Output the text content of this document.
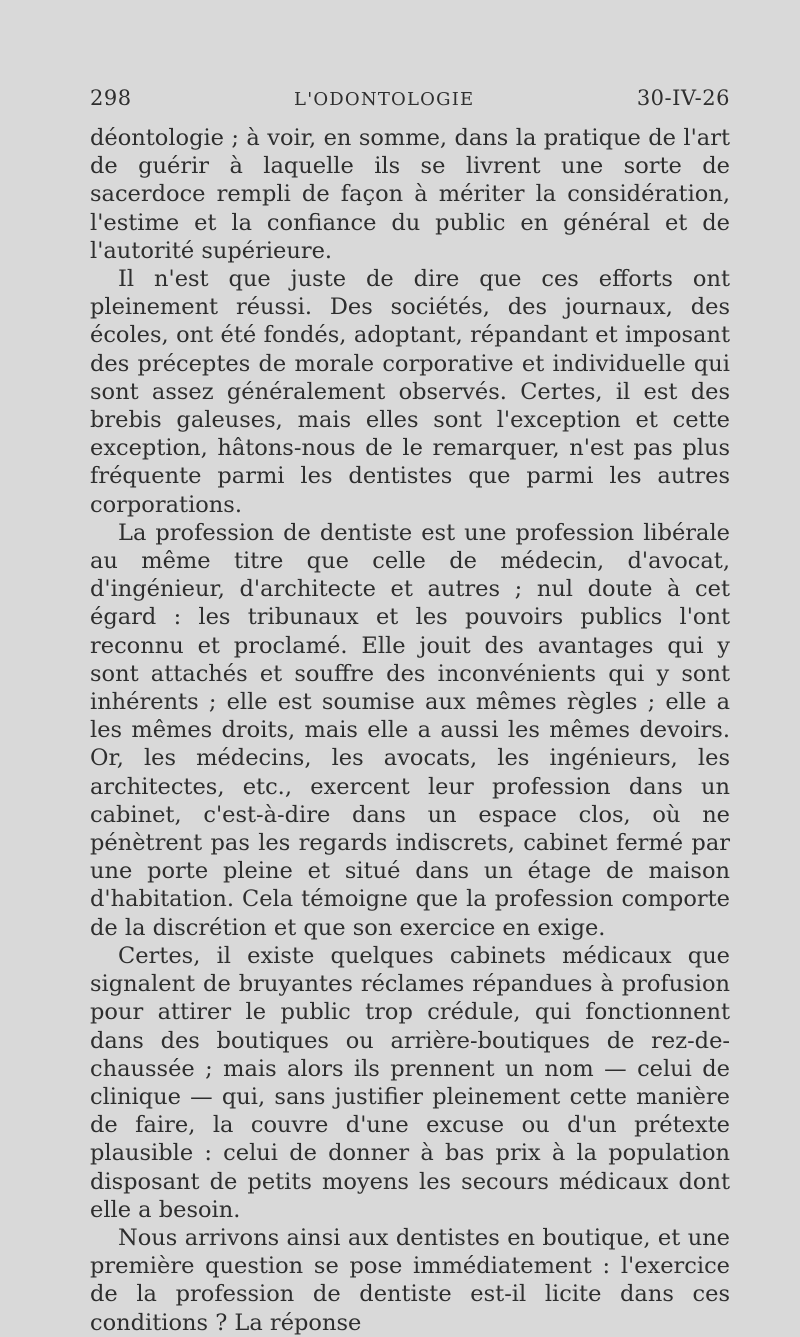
298	L'ODONTOLOGIE	30-IV-26

déontologie ; à voir, en somme, dans la pratique de l'art de guérir à laquelle ils se livrent une sorte de sacerdoce rempli de façon à mériter la considération, l'estime et la confiance du public en général et de l'autorité supérieure.

Il n'est que juste de dire que ces efforts ont pleinement réussi. Des sociétés, des journaux, des écoles, ont été fondés, adoptant, répandant et imposant des préceptes de morale corporative et individuelle qui sont assez généralement observés. Certes, il est des brebis galeuses, mais elles sont l'exception et cette exception, hâtons-nous de le remarquer, n'est pas plus fréquente parmi les dentistes que parmi les autres corporations.

La profession de dentiste est une profession libérale au même titre que celle de médecin, d'avocat, d'ingénieur, d'architecte et autres ; nul doute à cet égard : les tribunaux et les pouvoirs publics l'ont reconnu et proclamé. Elle jouit des avantages qui y sont attachés et souffre des inconvénients qui y sont inhérents ; elle est soumise aux mêmes règles ; elle a les mêmes droits, mais elle a aussi les mêmes devoirs. Or, les médecins, les avocats, les ingénieurs, les architectes, etc., exercent leur profession dans un cabinet, c'est-à-dire dans un espace clos, où ne pénètrent pas les regards indiscrets, cabinet fermé par une porte pleine et situé dans un étage de maison d'habitation. Cela témoigne que la profession comporte de la discrétion et que son exercice en exige.

Certes, il existe quelques cabinets médicaux que signalent de bruyantes réclames répandues à profusion pour attirer le public trop crédule, qui fonctionnent dans des boutiques ou arrière-boutiques de rez-de-chaussée ; mais alors ils prennent un nom — celui de clinique — qui, sans justifier pleinement cette manière de faire, la couvre d'une excuse ou d'un prétexte plausible : celui de donner à bas prix à la population disposant de petits moyens les secours médicaux dont elle a besoin.

Nous arrivons ainsi aux dentistes en boutique, et une première question se pose immédiatement : l'exercice de la profession de dentiste est-il licite dans ces conditions ? La réponse
